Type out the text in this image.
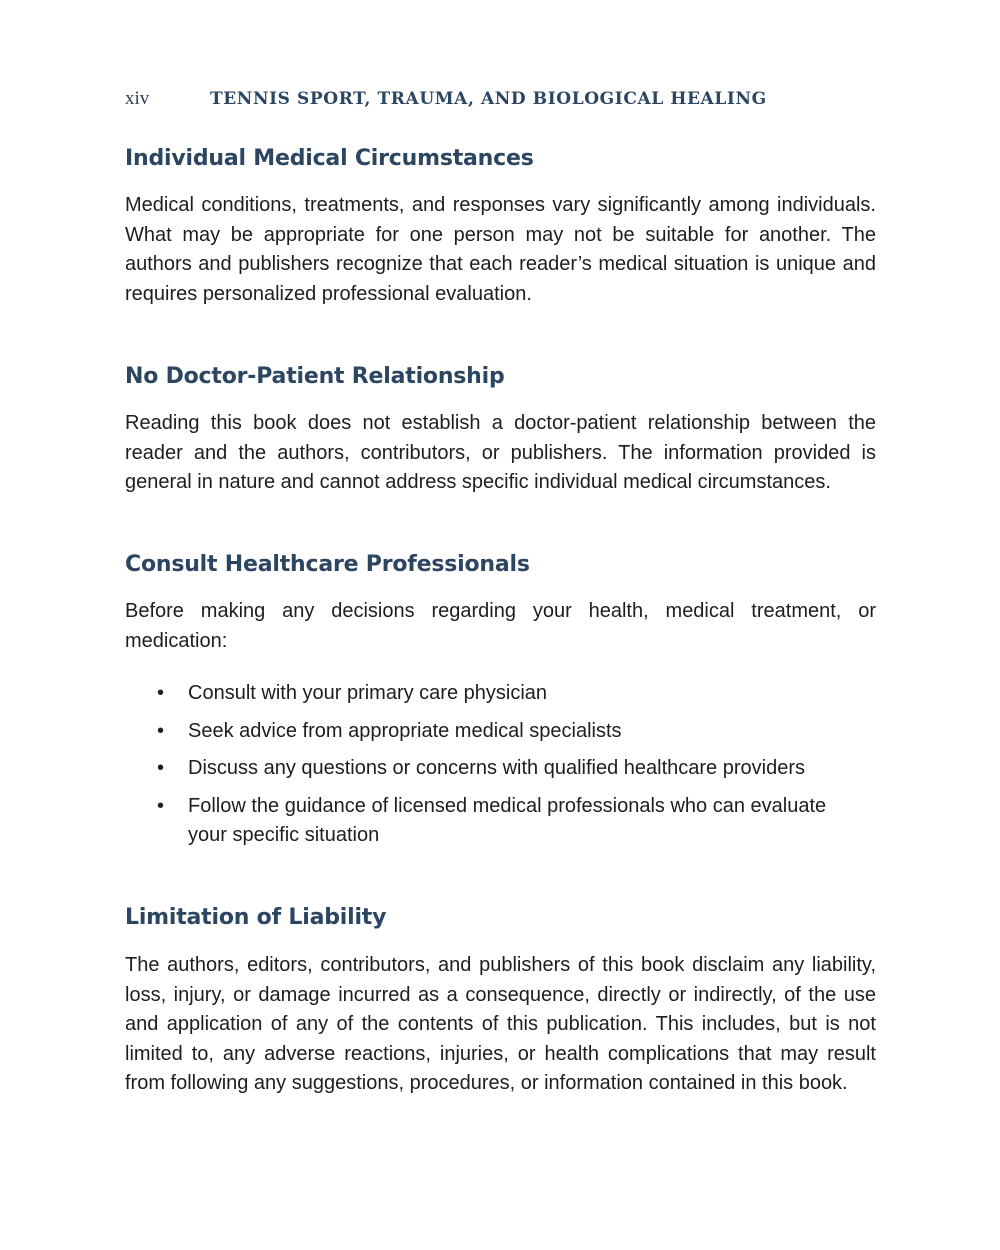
xiv	TENNIS SPORT, TRAUMA, AND BIOLOGICAL HEALING
Individual Medical Circumstances

Medical conditions, treatments, and responses vary significantly among individuals. What may be appropriate for one person may not be suitable for another. The authors and publishers recognize that each reader’s medical situation is unique and requires personalized professional evaluation.

No Doctor-Patient Relationship

Reading this book does not establish a doctor-patient relationship between the reader and the authors, contributors, or publishers. The information provided is general in nature and cannot address specific individual medical circumstances.

Consult Healthcare Professionals

Before making any decisions regarding your health, medical treatment, or medication:

• Consult with your primary care physician
• Seek advice from appropriate medical specialists
• Discuss any questions or concerns with qualified healthcare providers
• Follow the guidance of licensed medical professionals who can evaluate your specific situation
Limitation of Liability

The authors, editors, contributors, and publishers of this book disclaim any liability, loss, injury, or damage incurred as a consequence, directly or indirectly, of the use and application of any of the contents of this publication. This includes, but is not limited to, any adverse reactions, injuries, or health complications that may result from following any suggestions, procedures, or information contained in this book.
